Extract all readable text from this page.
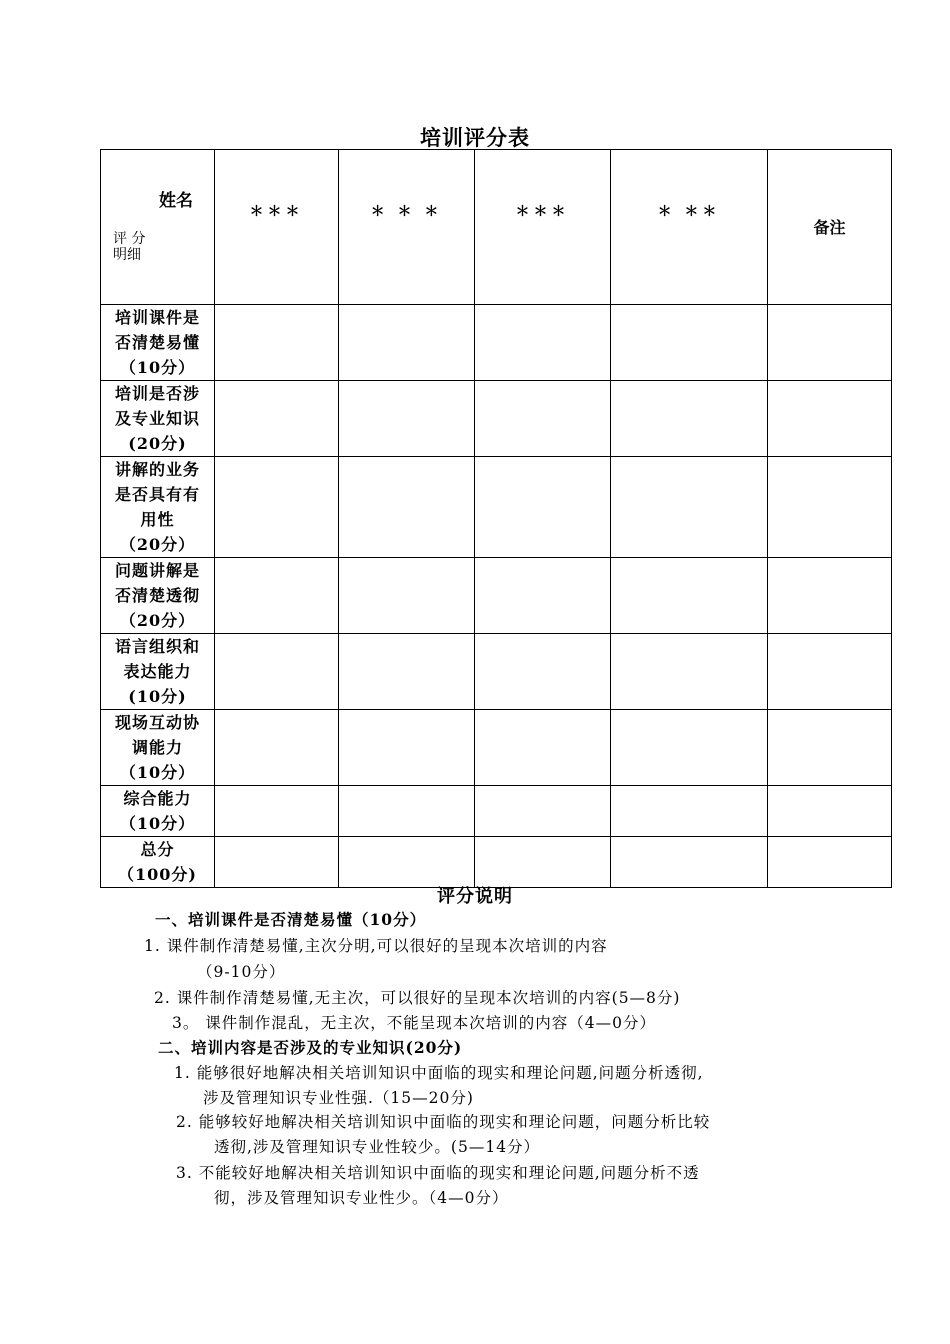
培训评分表
姓名
评 分
明细	＊＊＊	＊ ＊ ＊	＊＊＊	＊ ＊＊	备注
培训课件是
否清楚易懂
（10分）					
培训是否涉
及专业知识
(20分)					
讲解的业务
是否具有有
用性
（20分）					
问题讲解是
否清楚透彻
（20分）					
语言组织和
表达能力
(10分)					
现场互动协
调能力
（10分）					
综合能力
（10分）					
总分
（100分)					
评分说明
一、培训课件是否清楚易懂（10分）
1. 课件制作清楚易懂,主次分明,可以很好的呈现本次培训的内容
（9-10分）
2. 课件制作清楚易懂,无主次，可以很好的呈现本次培训的内容(5—8分)
3。 课件制作混乱，无主次，不能呈现本次培训的内容（4—0分）
二、培训内容是否涉及的专业知识(20分)
1. 能够很好地解决相关培训知识中面临的现实和理论问题,问题分析透彻,
涉及管理知识专业性强.（15—20分)
2. 能够较好地解决相关培训知识中面临的现实和理论问题，问题分析比较
透彻,涉及管理知识专业性较少。(5—14分）
3. 不能较好地解决相关培训知识中面临的现实和理论问题,问题分析不透
彻，涉及管理知识专业性少。（4—0分）
